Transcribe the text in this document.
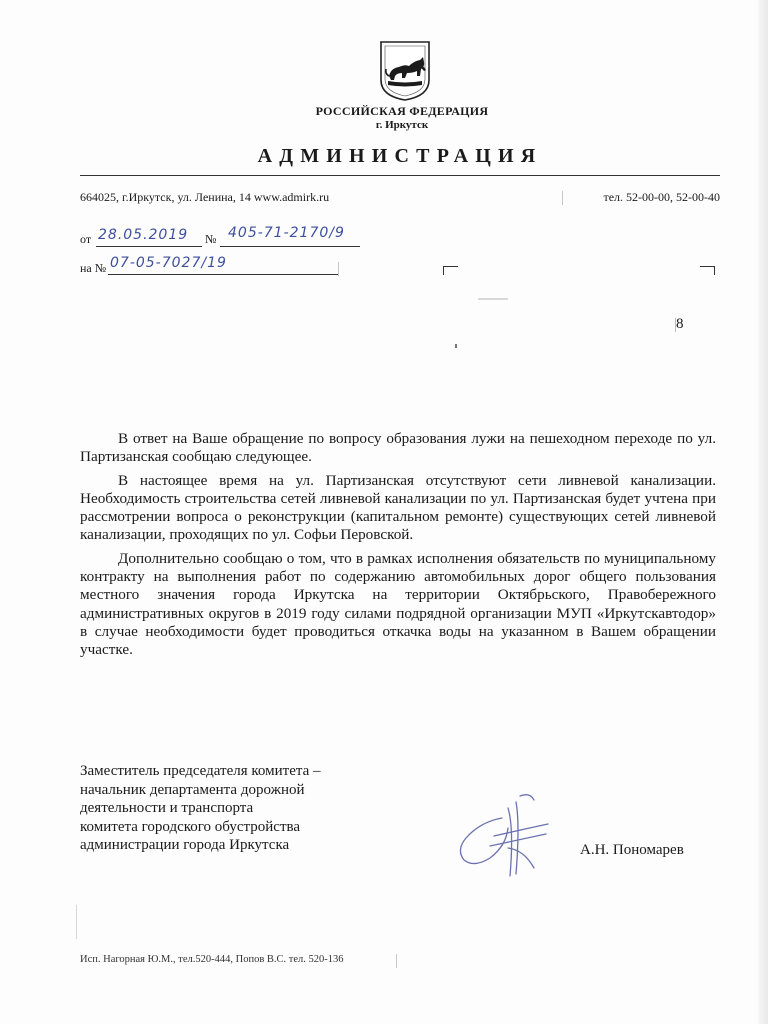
РОССИЙСКАЯ ФЕДЕРАЦИЯ
г. Иркутск
АДМИНИСТРАЦИЯ
664025, г.Иркутск, ул. Ленина, 14 www.admirk.ru	тел. 52-00-00, 52-00-40
от 28.05.2019 № 405-71-2170/9
на № 07-05-7027/19
8

В ответ на Ваше обращение по вопросу образования лужи на пешеходном переходе по ул. Партизанская сообщаю следующее.

В настоящее время на ул. Партизанская отсутствуют сети ливневой канализации. Необходимость строительства сетей ливневой канализации по ул. Партизанская будет учтена при рассмотрении вопроса о реконструкции (капитальном ремонте) существующих сетей ливневой канализации, проходящих по ул. Софьи Перовской.

Дополнительно сообщаю о том, что в рамках исполнения обязательств по муниципальному контракту на выполнения работ по содержанию автомобильных дорог общего пользования местного значения города Иркутска на территории Октябрьского, Правобережного административных округов в 2019 году силами подрядной организации МУП «Иркутскавтодор» в случае необходимости будет проводиться откачка воды на указанном в Вашем обращении участке.

Заместитель председателя комитета –
начальник департамента дорожной
деятельности и транспорта
комитета городского обустройства
администрации города Иркутска	А.Н. Пономарев
Исп. Нагорная Ю.М., тел.520-444, Попов В.С. тел. 520-136
